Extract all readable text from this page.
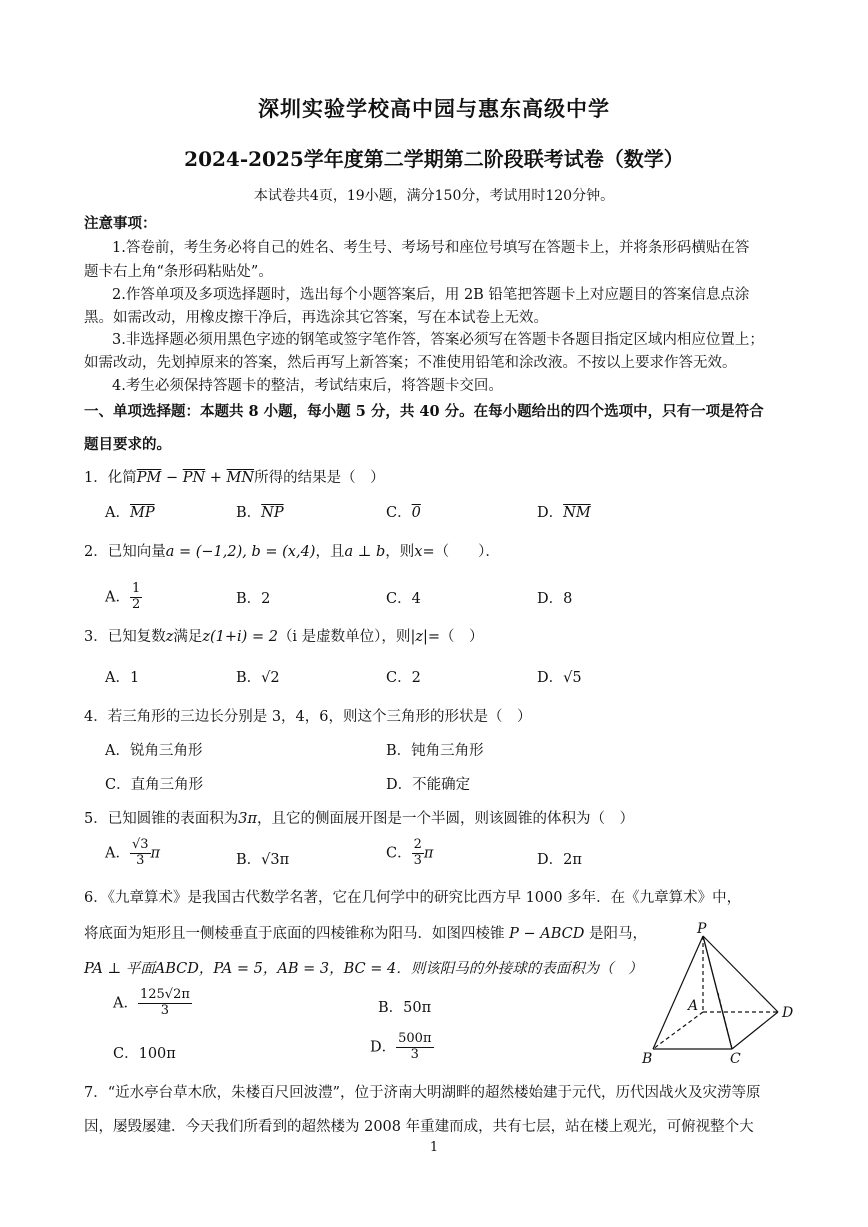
深圳实验学校高中园与惠东高级中学
2024-2025学年度第二学期第二阶段联考试卷（数学）
本试卷共4页，19小题，满分150分，考试用时120分钟。
注意事项：
1.答卷前，考生务必将自己的姓名、考生号、考场号和座位号填写在答题卡上，并将条形码横贴在答
题卡右上角“条形码粘贴处”。
2.作答单项及多项选择题时，选出每个小题答案后，用 2B 铅笔把答题卡上对应题目的答案信息点涂
黑。如需改动，用橡皮擦干净后，再选涂其它答案，写在本试卷上无效。
3.非选择题必须用黑色字迹的钢笔或签字笔作答，答案必须写在答题卡各题目指定区域内相应位置上；
如需改动，先划掉原来的答案，然后再写上新答案；不准使用铅笔和涂改液。不按以上要求作答无效。
4.考生必须保持答题卡的整洁，考试结束后，将答题卡交回。
一、单项选择题：本题共 8 小题，每小题 5 分，共 40 分。在每小题给出的四个选项中，只有一项是符合
题目要求的。
1．化简$\overline{PM} - \overline{PN} + \overline{MN}$所得的结果是（　）
A．$\overline{MP}$	B．$\overline{NP}$	C．0	D．$\overline{NM}$
2．已知向量a = (−1,2), b = (x,4)，且a ⊥ b，则x=（　　）．
A． $\frac{1}{2}$	B．2	C．4	D．8
3．已知复数z满足z(1+i) = 2（i 是虚数单位），则|z|=（　）
A．1	B．√2	C．2	D．√5
4．若三角形的三边长分别是 3，4，6，则这个三角形的形状是（　）
A．锐角三角形	B．钝角三角形
C．直角三角形	D．不能确定
5．已知圆锥的表面积为3π，且它的侧面展开图是一个半圆，则该圆锥的体积为（　）
A． $\frac{√3}{3}$ π	B．√3π	C． $\frac{2}{3}$ π	D．2π
6．《九章算术》是我国古代数学名著，它在几何学中的研究比西方早 1000 多年．在《九章算术》中，
将底面为矩形且一侧棱垂直于底面的四棱锥称为阳马．如图四棱锥 P − ABCD 是阳马，
PA ⊥ 平面ABCD，PA = 5，AB = 3，BC = 4．则该阳马的外接球的表面积为（　）
A． $\frac{125√2\pi}{3}$	B．50π
C．100π	D． $\frac{500\pi}{3}$
P
A
B	C
D
7．“近水亭台草木欣，朱楼百尺回波澧”，位于济南大明湖畔的超然楼始建于元代，历代因战火及灾涝等原
因，屡毁屡建．今天我们所看到的超然楼为 2008 年重建而成，共有七层，站在楼上观光，可俯视整个大
1
